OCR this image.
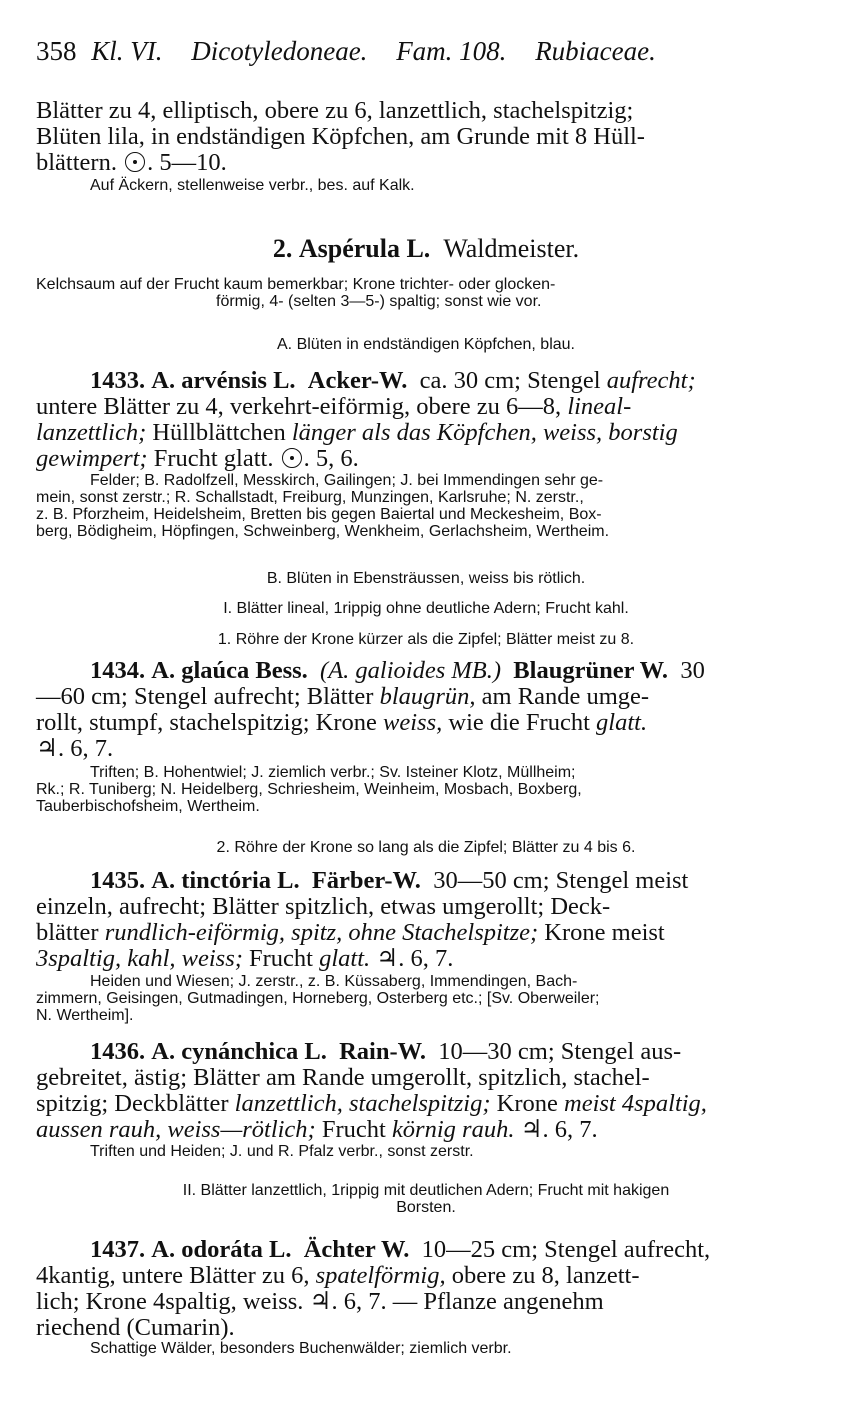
358 Kl. VI. Dicotyledoneae. Fam. 108. Rubiaceae.
Blätter zu 4, elliptisch, obere zu 6, lanzettlich, stachelspitzig;
Blüten lila, in endständigen Köpfchen, am Grunde mit 8 Hüll-
blättern. . 5—10.
Auf Äckern, stellenweise verbr., bes. auf Kalk.
2. Aspérula L. Waldmeister.
Kelchsaum auf der Frucht kaum bemerkbar; Krone trichter- oder glocken-
förmig, 4- (selten 3—5-) spaltig; sonst wie vor.
A. Blüten in endständigen Köpfchen, blau.
1433. A. arvénsis L. Acker-W. ca. 30 cm; Stengel aufrecht;
untere Blätter zu 4, verkehrt-eiförmig, obere zu 6—8, lineal-
lanzettlich; Hüllblättchen länger als das Köpfchen, weiss, borstig
gewimpert; Frucht glatt. . 5, 6.
Felder; B. Radolfzell, Messkirch, Gailingen; J. bei Immendingen sehr ge-
mein, sonst zerstr.; R. Schallstadt, Freiburg, Munzingen, Karlsruhe; N. zerstr.,
z. B. Pforzheim, Heidelsheim, Bretten bis gegen Baiertal und Meckesheim, Box-
berg, Bödigheim, Höpfingen, Schweinberg, Wenkheim, Gerlachsheim, Wertheim.
B. Blüten in Ebensträussen, weiss bis rötlich.
I. Blätter lineal, 1rippig ohne deutliche Adern; Frucht kahl.
1. Röhre der Krone kürzer als die Zipfel; Blätter meist zu 8.
1434. A. glaúca Bess. (A. galioides MB.) Blaugrüner W. 30
—60 cm; Stengel aufrecht; Blätter blaugrün, am Rande umge-
rollt, stumpf, stachelspitzig; Krone weiss, wie die Frucht glatt.
♃. 6, 7.
Triften; B. Hohentwiel; J. ziemlich verbr.; Sv. Isteiner Klotz, Müllheim;
Rk.; R. Tuniberg; N. Heidelberg, Schriesheim, Weinheim, Mosbach, Boxberg,
Tauberbischofsheim, Wertheim.
2. Röhre der Krone so lang als die Zipfel; Blätter zu 4 bis 6.
1435. A. tinctória L. Färber-W. 30—50 cm; Stengel meist
einzeln, aufrecht; Blätter spitzlich, etwas umgerollt; Deck-
blätter rundlich-eiförmig, spitz, ohne Stachelspitze; Krone meist
3spaltig, kahl, weiss; Frucht glatt. ♃. 6, 7.
Heiden und Wiesen; J. zerstr., z. B. Küssaberg, Immendingen, Bach-
zimmern, Geisingen, Gutmadingen, Horneberg, Osterberg etc.; [Sv. Oberweiler;
N. Wertheim].
1436. A. cynánchica L. Rain-W. 10—30 cm; Stengel aus-
gebreitet, ästig; Blätter am Rande umgerollt, spitzlich, stachel-
spitzig; Deckblätter lanzettlich, stachelspitzig; Krone meist 4spaltig,
aussen rauh, weiss—rötlich; Frucht körnig rauh. ♃. 6, 7.
Triften und Heiden; J. und R. Pfalz verbr., sonst zerstr.
II. Blätter lanzettlich, 1rippig mit deutlichen Adern; Frucht mit hakigen
Borsten.
1437. A. odoráta L. Ächter W. 10—25 cm; Stengel aufrecht,
4kantig, untere Blätter zu 6, spatelförmig, obere zu 8, lanzett-
lich; Krone 4spaltig, weiss. ♃. 6, 7. — Pflanze angenehm
riechend (Cumarin).
Schattige Wälder, besonders Buchenwälder; ziemlich verbr.
